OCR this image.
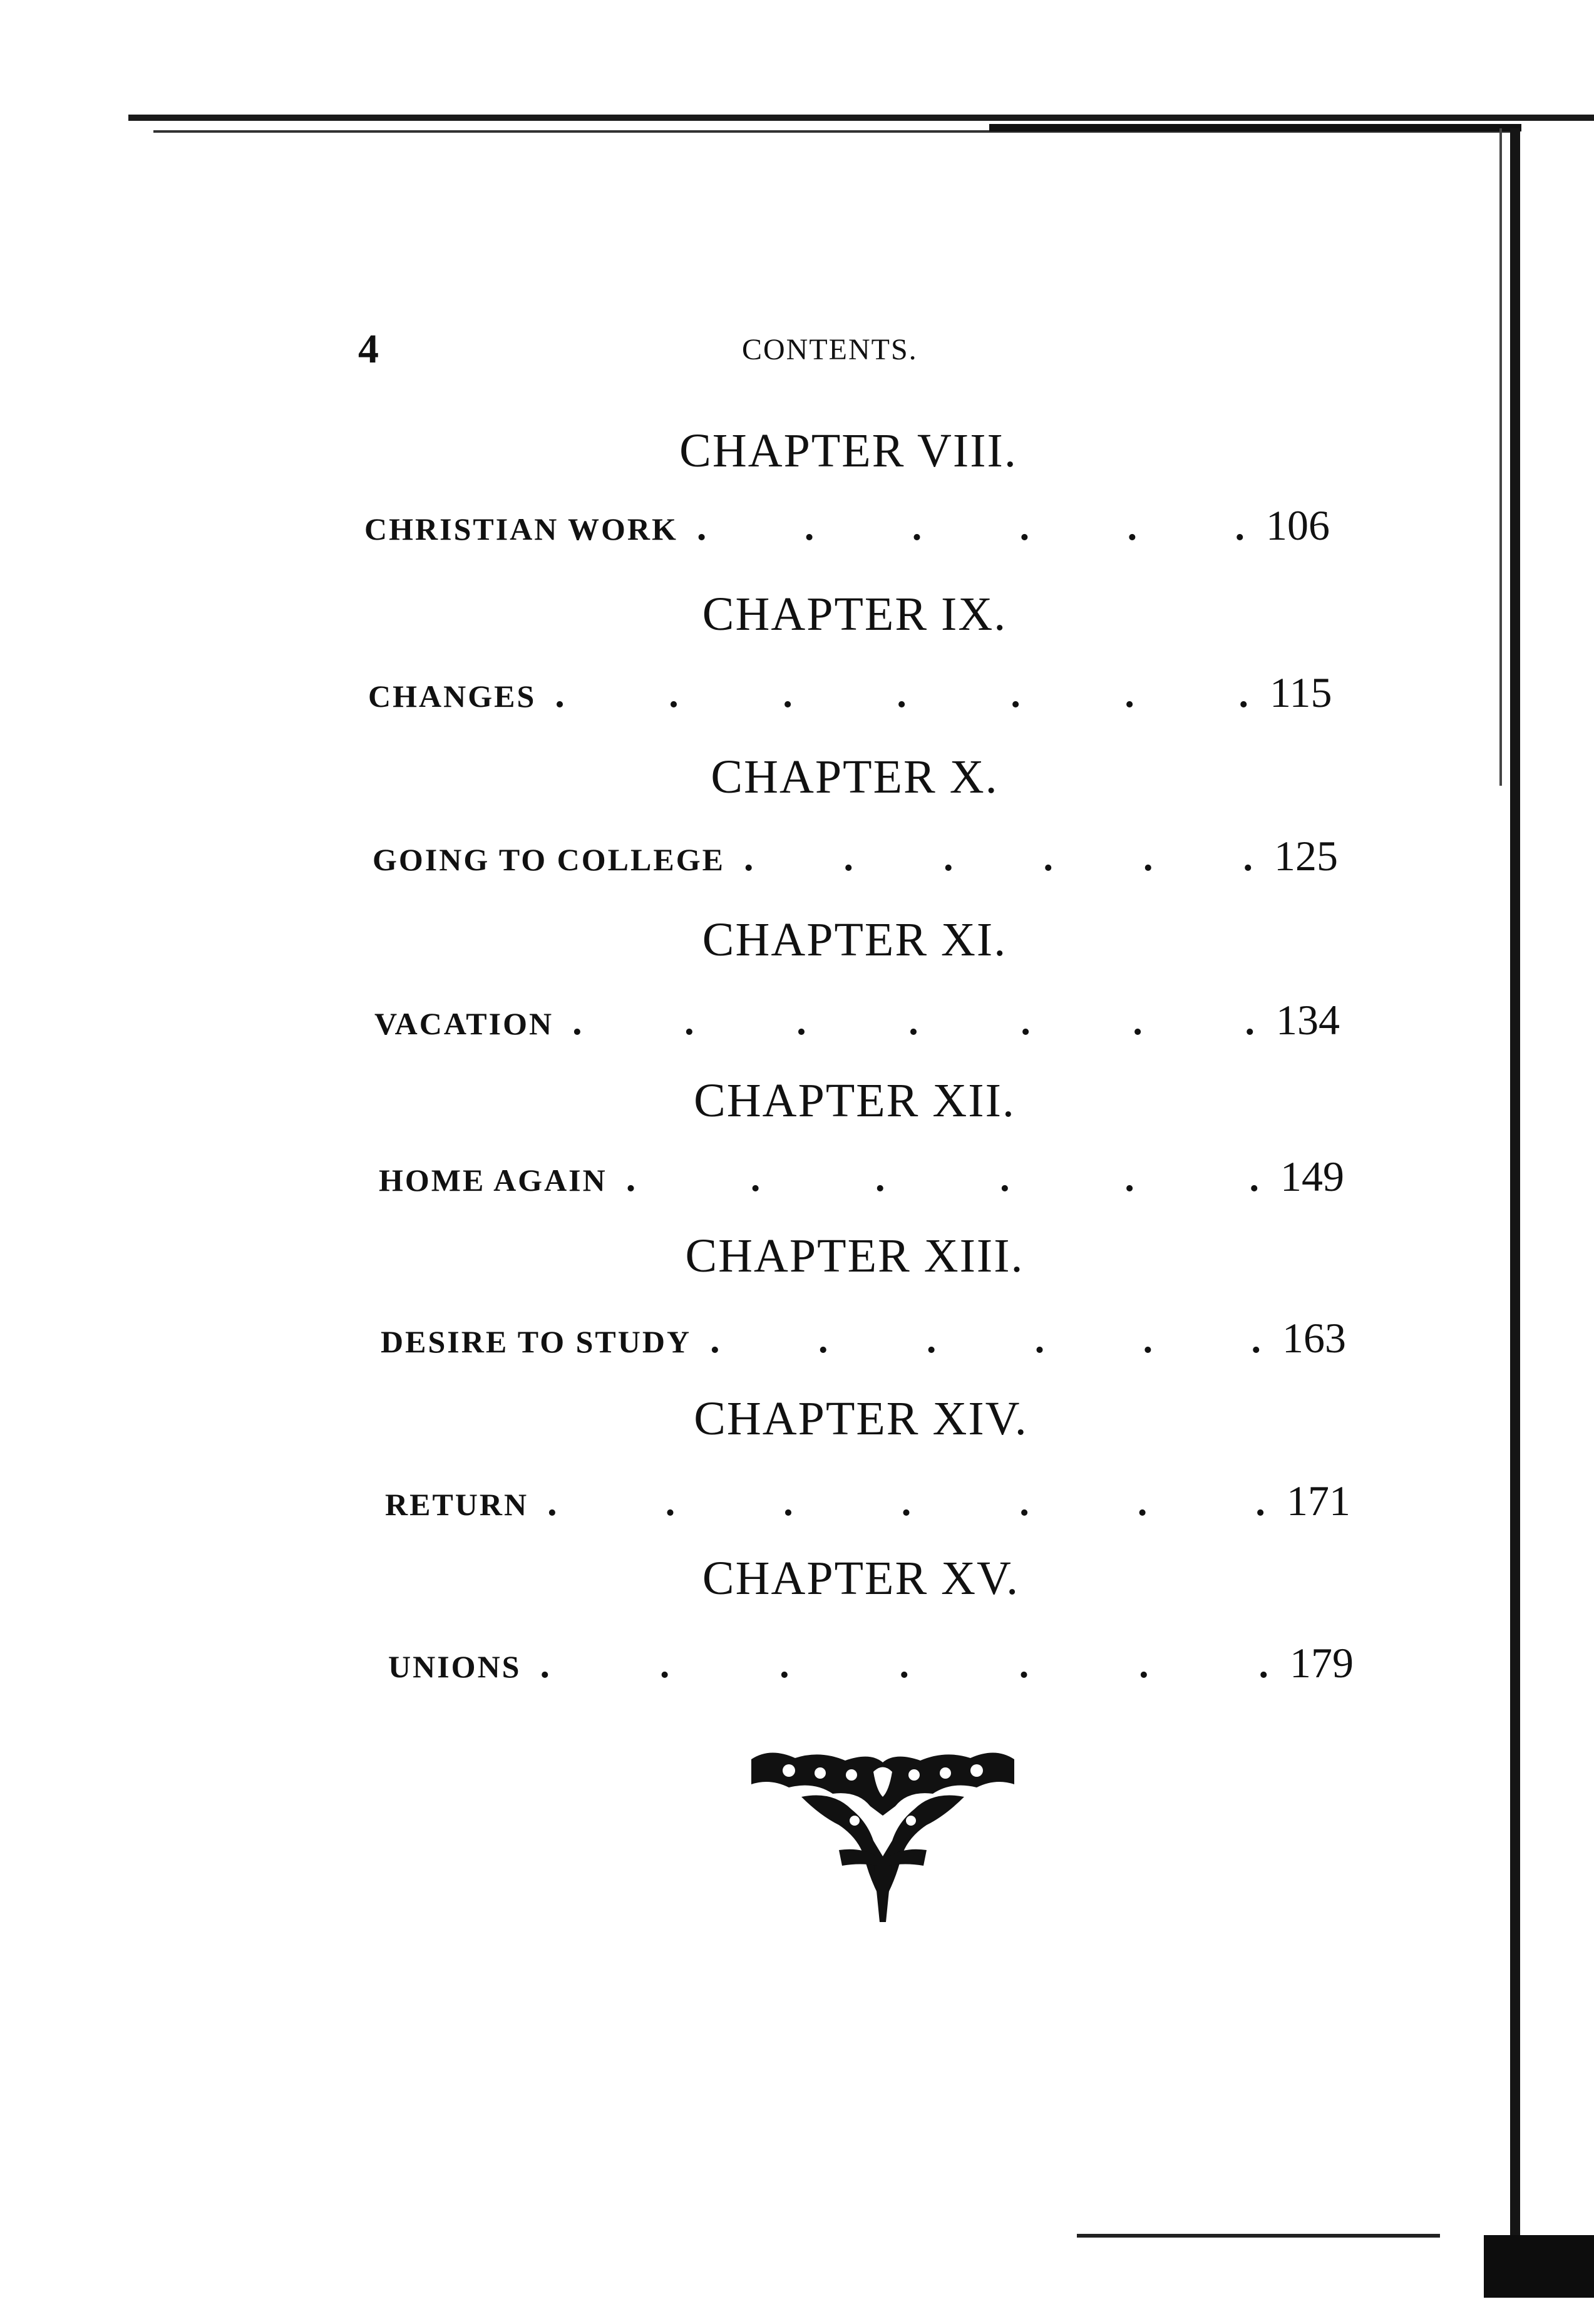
4	CONTENTS.
CHAPTER VIII.
CHRISTIAN WORK .	.	.	.	.	. 106
CHAPTER IX.
CHANGES .	.	.	.	.	.	. 115
CHAPTER X.
GOING TO COLLEGE . . . . . . 125
CHAPTER XI.
VACATION .	.	.	.	.	.	. 134
CHAPTER XII.
HOME AGAIN .	.	.	.	.	. 149
CHAPTER XIII.
DESIRE TO STUDY .	.	.	.	.	. 163
CHAPTER XIV.
RETURN .	.	.	.	.	.	. 171
CHAPTER XV.
UNIONS .	.	.	.	.	.	. 179
